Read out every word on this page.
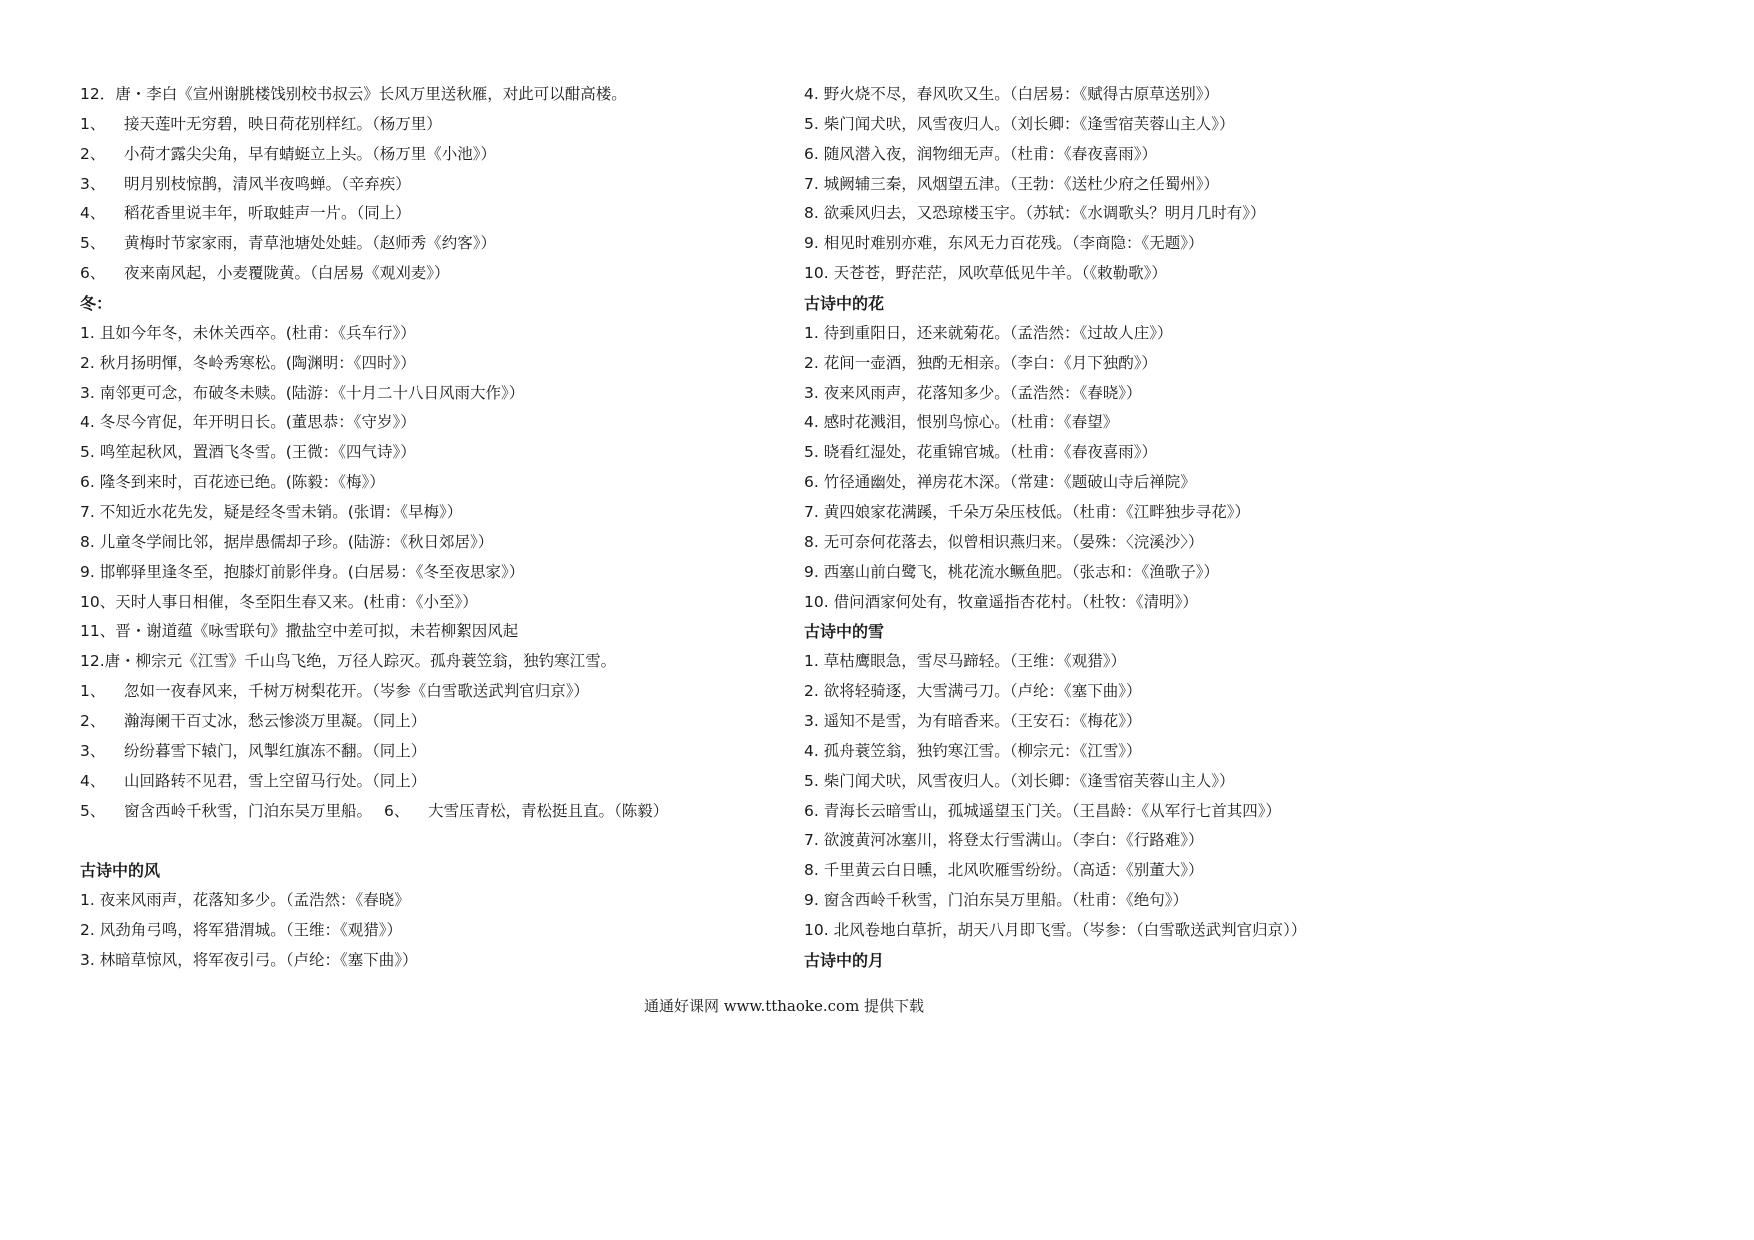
12．唐・李白《宣州谢朓楼饯别校书叔云》长风万里送秋雁，对此可以酣高楼。
1、 接天莲叶无穷碧，映日荷花别样红。（杨万里）
2、 小荷才露尖尖角，早有蜻蜓立上头。（杨万里《小池》）
3、 明月别枝惊鹊，清风半夜鸣蝉。（辛弃疾）
4、 稻花香里说丰年，听取蛙声一片。（同上）
5、 黄梅时节家家雨，青草池塘处处蛙。（赵师秀《约客》）
6、 夜来南风起，小麦覆陇黄。（白居易《观刈麦》）
冬：
1. 且如今年冬，未休关西卒。(杜甫：《兵车行》）
2. 秋月扬明惲，冬岭秀寒松。(陶渊明：《四时》）
3. 南邻更可念，布破冬未赎。(陆游：《十月二十八日风雨大作》）
4. 冬尽今宵促，年开明日长。(董思恭：《守岁》）
5. 鸣笙起秋风，置酒飞冬雪。(王微：《四气诗》）
6. 隆冬到来时，百花迹已绝。(陈毅：《梅》）
7. 不知近水花先发，疑是经冬雪未销。(张谓：《早梅》）
8. 儿童冬学闹比邻，据岸愚儒却子珍。(陆游：《秋日郊居》）
9. 邯郸驿里逢冬至，抱膝灯前影伴身。(白居易：《冬至夜思家》）
10、天时人事日相催，冬至阳生春又来。(杜甫：《小至》）
11、晋・谢道蕴《咏雪联句》撒盐空中差可拟，未若柳絮因风起
12.唐・柳宗元《江雪》千山鸟飞绝，万径人踪灭。孤舟蓑笠翁，独钓寒江雪。
1、 忽如一夜春风来，千树万树梨花开。（岑参《白雪歌送武判官归京》）
2、 瀚海阑干百丈冰，愁云惨淡万里凝。（同上）
3、 纷纷暮雪下辕门，风掣红旗冻不翻。（同上）
4、 山回路转不见君，雪上空留马行处。（同上）
5、 窗含西岭千秋雪，门泊东吴万里船。 6、 大雪压青松，青松挺且直。（陈毅）
古诗中的风
1. 夜来风雨声，花落知多少。（孟浩然：《春晓》
2. 风劲角弓鸣，将军猎渭城。（王维：《观猎》）
3. 林暗草惊风，将军夜引弓。（卢纶：《塞下曲》）
4. 野火烧不尽，春风吹又生。（白居易：《赋得古原草送别》）
5. 柴门闻犬吠，风雪夜归人。（刘长卿：《逢雪宿芙蓉山主人》）
6. 随风潜入夜，润物细无声。（杜甫：《春夜喜雨》）
7. 城阙辅三秦，风烟望五津。（王勃：《送杜少府之任蜀州》）
8. 欲乘风归去，又恐琼楼玉宇。（苏轼：《水调歌头？明月几时有》）
9. 相见时难别亦难，东风无力百花残。（李商隐：《无题》）
10. 天苍苍，野茫茫，风吹草低见牛羊。（《敕勒歌》）
古诗中的花
1. 待到重阳日，还来就菊花。（孟浩然：《过故人庄》）
2. 花间一壶酒，独酌无相亲。（李白：《月下独酌》）
3. 夜来风雨声，花落知多少。（孟浩然：《春晓》）
4. 感时花溅泪，恨别鸟惊心。（杜甫：《春望》
5. 晓看红湿处，花重锦官城。（杜甫：《春夜喜雨》）
6. 竹径通幽处，禅房花木深。（常建：《题破山寺后禅院》
7. 黄四娘家花满蹊，千朵万朵压枝低。（杜甫：《江畔独步寻花》）
8. 无可奈何花落去，似曾相识燕归来。（晏殊：〈浣溪沙〉）
9. 西塞山前白鹭飞，桃花流水鳜鱼肥。（张志和：《渔歌子》）
10. 借问酒家何处有，牧童遥指杏花村。（杜牧：《清明》）
古诗中的雪
1. 草枯鹰眼急，雪尽马蹄轻。（王维：《观猎》）
2. 欲将轻骑逐，大雪满弓刀。（卢纶：《塞下曲》）
3. 遥知不是雪，为有暗香来。（王安石：《梅花》）
4. 孤舟蓑笠翁，独钓寒江雪。（柳宗元：《江雪》）
5. 柴门闻犬吠，风雪夜归人。（刘长卿：《逢雪宿芙蓉山主人》）
6. 青海长云暗雪山，孤城遥望玉门关。（王昌龄：《从军行七首其四》）
7. 欲渡黄河冰塞川，将登太行雪满山。（李白：《行路难》）
8. 千里黄云白日曛，北风吹雁雪纷纷。（高适：《别董大》）
9. 窗含西岭千秋雪，门泊东吴万里船。（杜甫：《绝句》）
10. 北风卷地白草折，胡天八月即飞雪。（岑参：（白雪歌送武判官归京））
古诗中的月
通通好课网 www.tthaoke.com 提供下载
